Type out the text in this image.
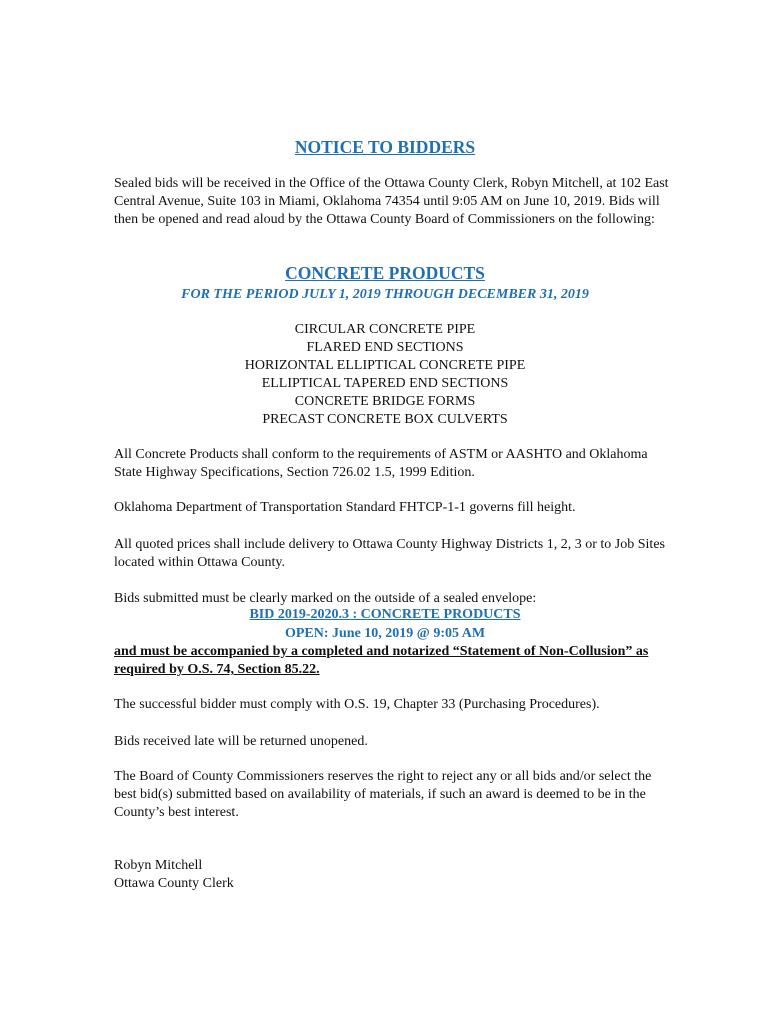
NOTICE TO BIDDERS

Sealed bids will be received in the Office of the Ottawa County Clerk, Robyn Mitchell, at 102 East Central Avenue, Suite 103 in Miami, Oklahoma 74354 until 9:05 AM on June 10, 2019. Bids will then be opened and read aloud by the Ottawa County Board of Commissioners on the following:

CONCRETE PRODUCTS

FOR THE PERIOD JULY 1, 2019 THROUGH DECEMBER 31, 2019

CIRCULAR CONCRETE PIPE
FLARED END SECTIONS
HORIZONTAL ELLIPTICAL CONCRETE PIPE
ELLIPTICAL TAPERED END SECTIONS
CONCRETE BRIDGE FORMS
PRECAST CONCRETE BOX CULVERTS

All Concrete Products shall conform to the requirements of ASTM or AASHTO and Oklahoma State Highway Specifications, Section 726.02 1.5, 1999 Edition.

Oklahoma Department of Transportation Standard FHTCP-1-1 governs fill height.

All quoted prices shall include delivery to Ottawa County Highway Districts 1, 2, 3 or to Job Sites located within Ottawa County.

Bids submitted must be clearly marked on the outside of a sealed envelope:

BID 2019-2020.3 : CONCRETE PRODUCTS

OPEN: June 10, 2019 @ 9:05 AM

and must be accompanied by a completed and notarized “Statement of Non-Collusion” as required by O.S. 74, Section 85.22.

The successful bidder must comply with O.S. 19, Chapter 33 (Purchasing Procedures).

Bids received late will be returned unopened.

The Board of County Commissioners reserves the right to reject any or all bids and/or select the best bid(s) submitted based on availability of materials, if such an award is deemed to be in the County’s best interest.

Robyn Mitchell

Ottawa County Clerk
